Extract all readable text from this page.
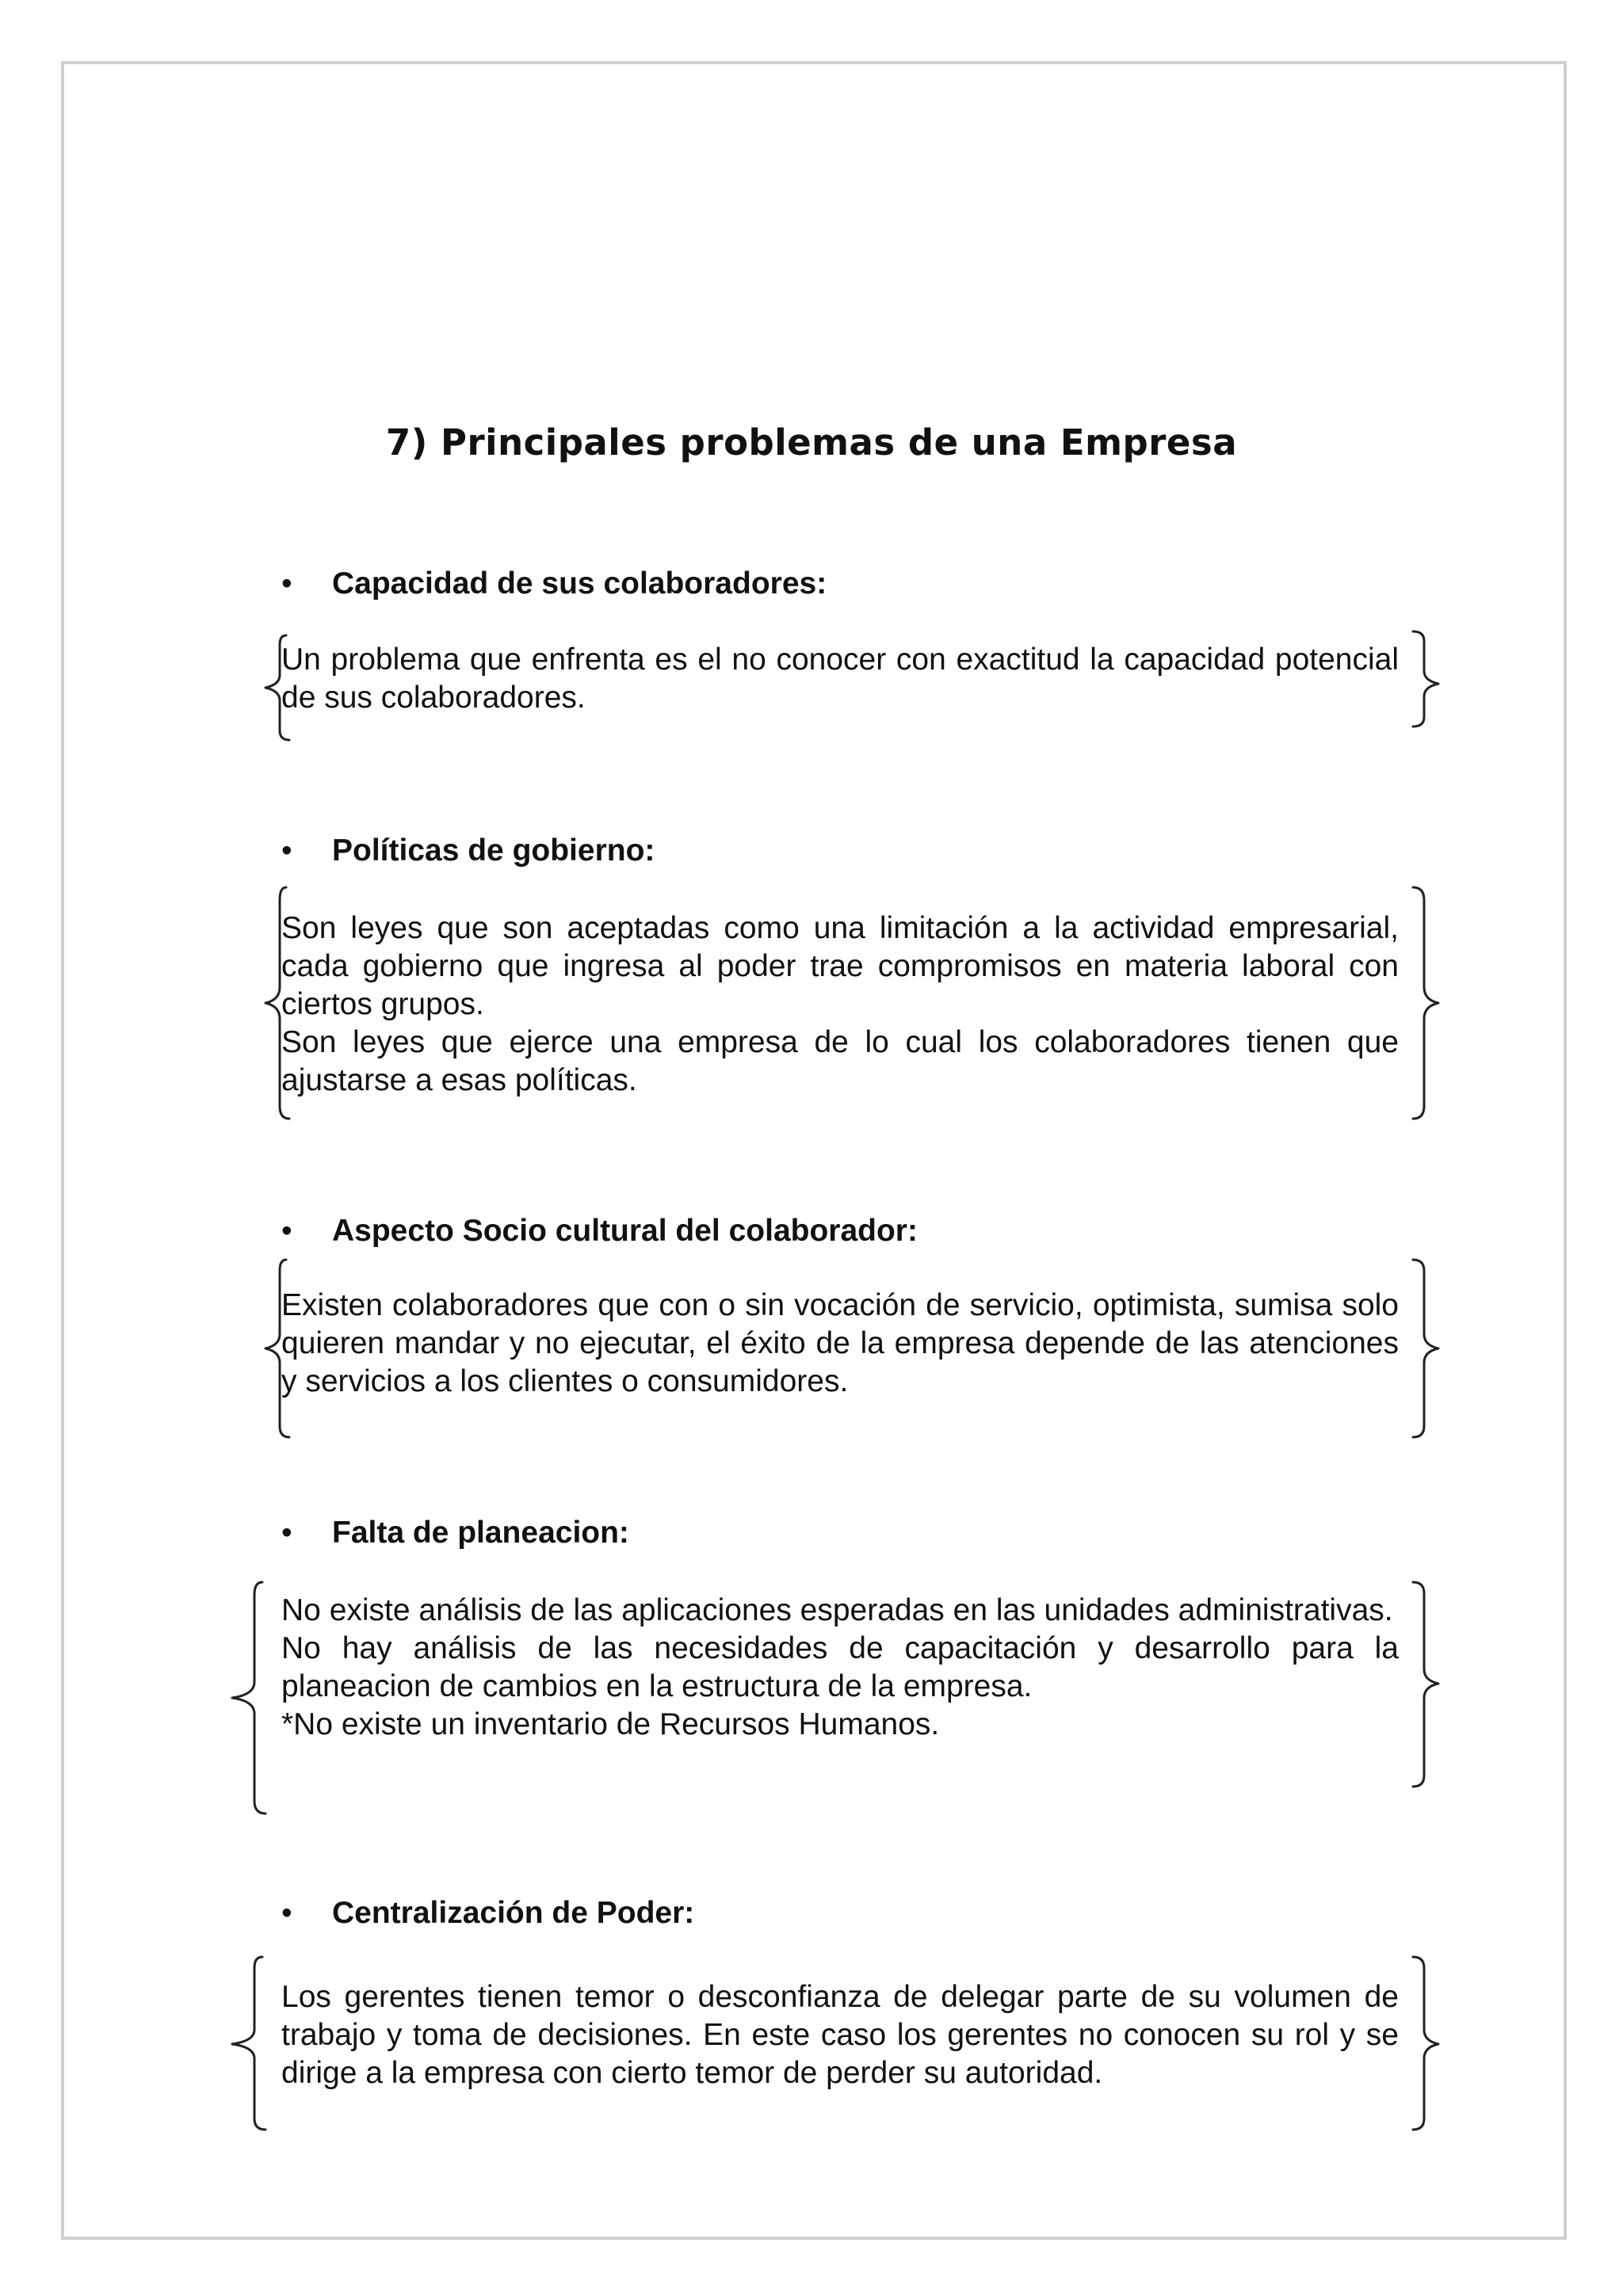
7) Principales problemas de una Empresa
• Capacidad de sus colaboradores:

Un problema que enfrenta es el no conocer con exactitud la capacidad potencial de sus colaboradores.

• Políticas de gobierno:

Son leyes que son aceptadas como una limitación a la actividad empresarial, cada gobierno que ingresa al poder trae compromisos en materia laboral con ciertos grupos.

Son leyes que ejerce una empresa de lo cual los colaboradores tienen que ajustarse a esas políticas.

• Aspecto Socio cultural del colaborador:

Existen colaboradores que con o sin vocación de servicio, optimista, sumisa solo quieren mandar y no ejecutar, el éxito de la empresa depende de las atenciones y servicios a los clientes o consumidores.

• Falta de planeacion:

No existe análisis de las aplicaciones esperadas en las unidades administrativas.

No hay análisis de las necesidades de capacitación y desarrollo para la planeacion de cambios en la estructura de la empresa.

*No existe un inventario de Recursos Humanos.

• Centralización de Poder:

Los gerentes tienen temor o desconfianza de delegar parte de su volumen de trabajo y toma de decisiones. En este caso los gerentes no conocen su rol y se dirige a la empresa con cierto temor de perder su autoridad.
